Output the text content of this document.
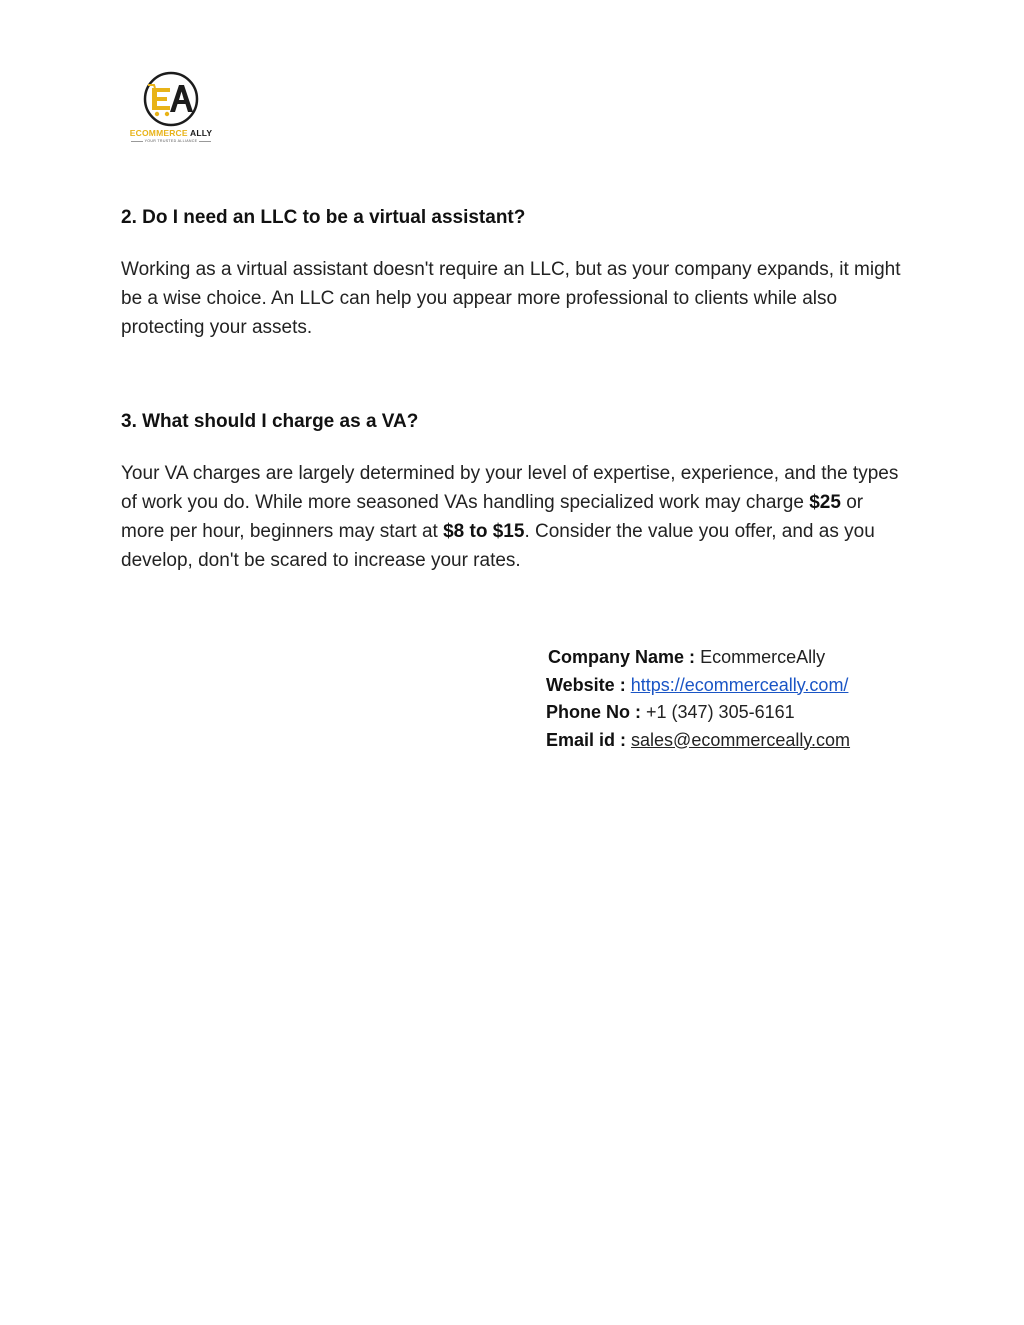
ECOMMERCE ALLY
YOUR TRUSTED ALLIANCE
2. Do I need an LLC to be a virtual assistant?

Working as a virtual assistant doesn't require an LLC, but as your company expands, it might be a wise choice. An LLC can help you appear more professional to clients while also protecting your assets.

3. What should I charge as a VA?

Your VA charges are largely determined by your level of expertise, experience, and the types of work you do. While more seasoned VAs handling specialized work may charge $25 or more per hour, beginners may start at $8 to $15. Consider the value you offer, and as you develop, don't be scared to increase your rates.

Company Name : EcommerceAlly
Website : https://ecommerceally.com/
Phone No : +1 (347) 305-6161
Email id : sales@ecommerceally.com
